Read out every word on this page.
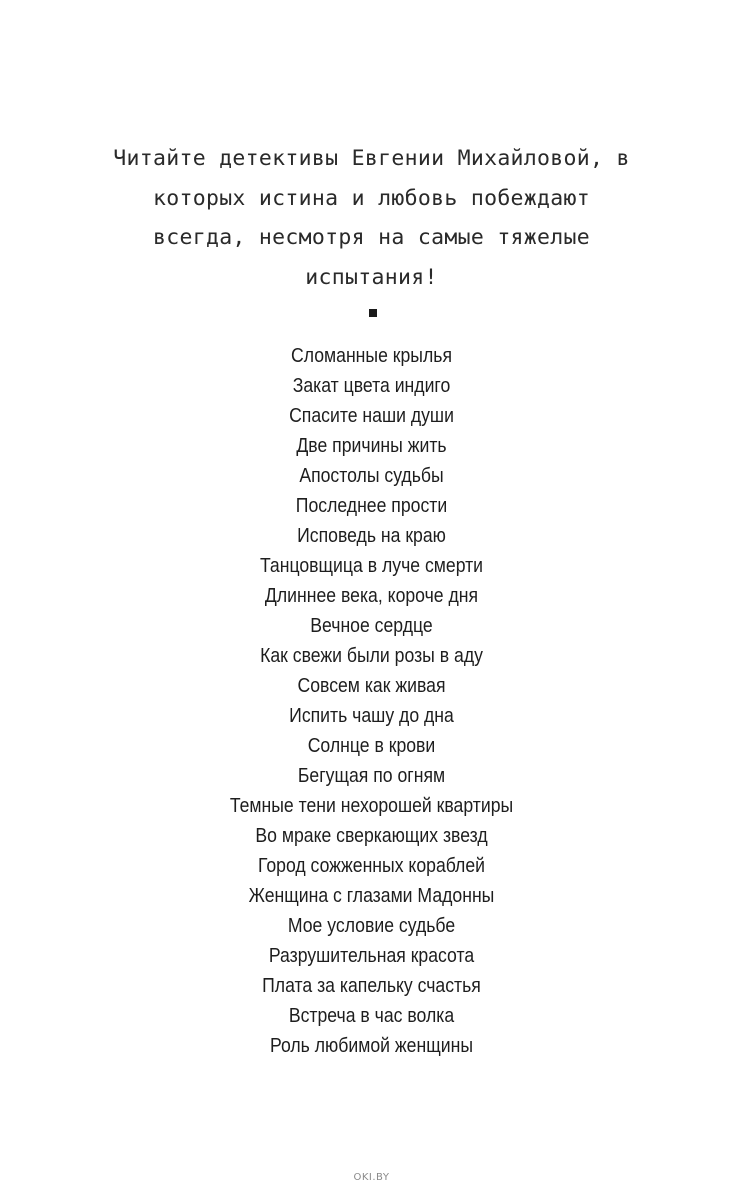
Читайте детективы Евгении Михайловой, в
которых истина и любовь побеждают
всегда, несмотря на самые тяжелые
испытания!
Сломанные крылья
Закат цвета индиго
Спасите наши души
Две причины жить
Апостолы судьбы
Последнее прости
Исповедь на краю
Танцовщица в луче смерти
Длиннее века, короче дня
Вечное сердце
Как свежи были розы в аду
Совсем как живая
Испить чашу до дна
Солнце в крови
Бегущая по огням
Темные тени нехорошей квартиры
Во мраке сверкающих звезд
Город сожженных кораблей
Женщина с глазами Мадонны
Мое условие судьбе
Разрушительная красота
Плата за капельку счастья
Встреча в час волка
Роль любимой женщины
OKI.BY
